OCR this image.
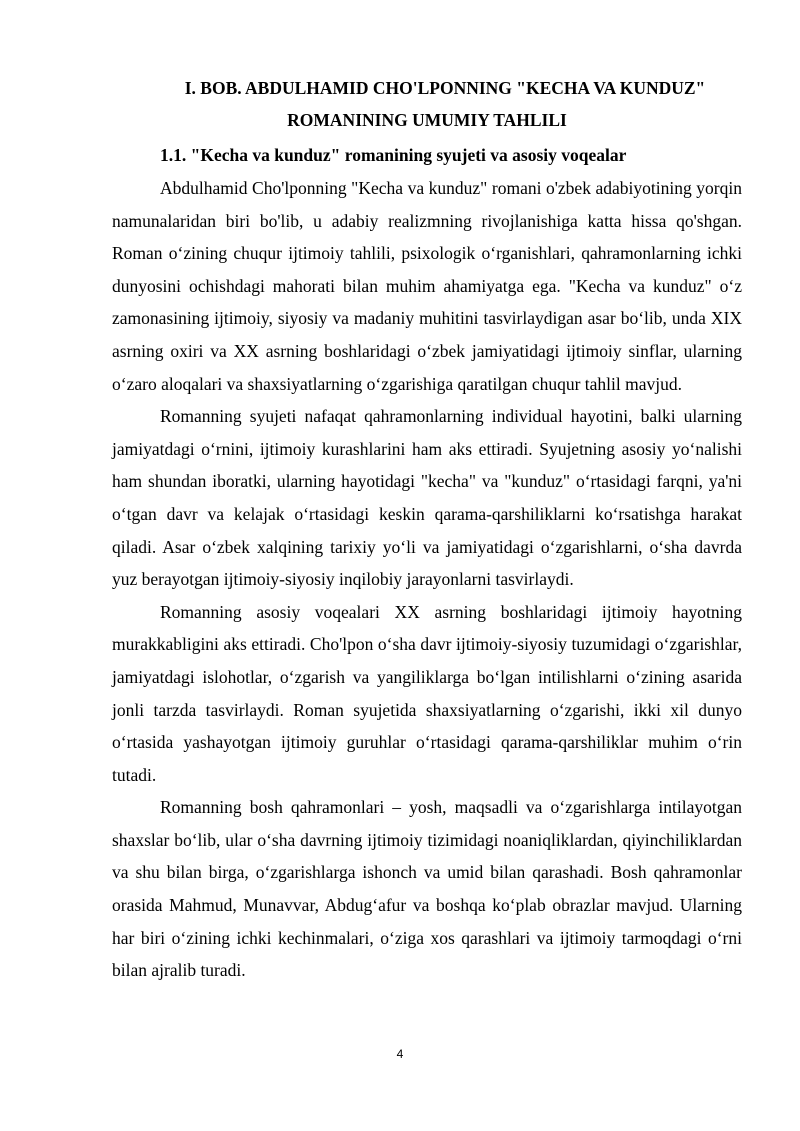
I. BOB. ABDULHAMID CHO'LPONNING "KECHA VA KUNDUZ"
ROMANINING UMUMIY TAHLILI
1.1. "Kecha va kunduz" romanining syujeti va asosiy voqealar

Abdulhamid Cho'lponning "Kecha va kunduz" romani o'zbek adabiyotining yorqin namunalaridan biri bo'lib, u adabiy realizmning rivojlanishiga katta hissa qo'shgan. Roman o‘zining chuqur ijtimoiy tahlili, psixologik o‘rganishlari, qahramonlarning ichki dunyosini ochishdagi mahorati bilan muhim ahamiyatga ega. "Kecha va kunduz" o‘z zamonasining ijtimoiy, siyosiy va madaniy muhitini tasvirlaydigan asar bo‘lib, unda XIX asrning oxiri va XX asrning boshlaridagi o‘zbek jamiyatidagi ijtimoiy sinflar, ularning o‘zaro aloqalari va shaxsiyatlarning o‘zgarishiga qaratilgan chuqur tahlil mavjud.

Romanning syujeti nafaqat qahramonlarning individual hayotini, balki ularning jamiyatdagi o‘rnini, ijtimoiy kurashlarini ham aks ettiradi. Syujetning asosiy yo‘nalishi ham shundan iboratki, ularning hayotidagi "kecha" va "kunduz" o‘rtasidagi farqni, ya'ni o‘tgan davr va kelajak o‘rtasidagi keskin qarama-qarshiliklarni ko‘rsatishga harakat qiladi. Asar o‘zbek xalqining tarixiy yo‘li va jamiyatidagi o‘zgarishlarni, o‘sha davrda yuz berayotgan ijtimoiy-siyosiy inqilobiy jarayonlarni tasvirlaydi.

Romanning asosiy voqealari XX asrning boshlaridagi ijtimoiy hayotning murakkabligini aks ettiradi. Cho'lpon o‘sha davr ijtimoiy-siyosiy tuzumidagi o‘zgarishlar, jamiyatdagi islohotlar, o‘zgarish va yangiliklarga bo‘lgan intilishlarni o‘zining asarida jonli tarzda tasvirlaydi. Roman syujetida shaxsiyatlarning o‘zgarishi, ikki xil dunyo o‘rtasida yashayotgan ijtimoiy guruhlar o‘rtasidagi qarama-qarshiliklar muhim o‘rin tutadi.

Romanning bosh qahramonlari – yosh, maqsadli va o‘zgarishlarga intilayotgan shaxslar bo‘lib, ular o‘sha davrning ijtimoiy tizimidagi noaniqliklardan, qiyinchiliklardan va shu bilan birga, o‘zgarishlarga ishonch va umid bilan qarashadi. Bosh qahramonlar orasida Mahmud, Munavvar, Abdug‘afur va boshqa ko‘plab obrazlar mavjud. Ularning har biri o‘zining ichki kechinmalari, o‘ziga xos qarashlari va ijtimoiy tarmoqdagi o‘rni bilan ajralib turadi.

4
